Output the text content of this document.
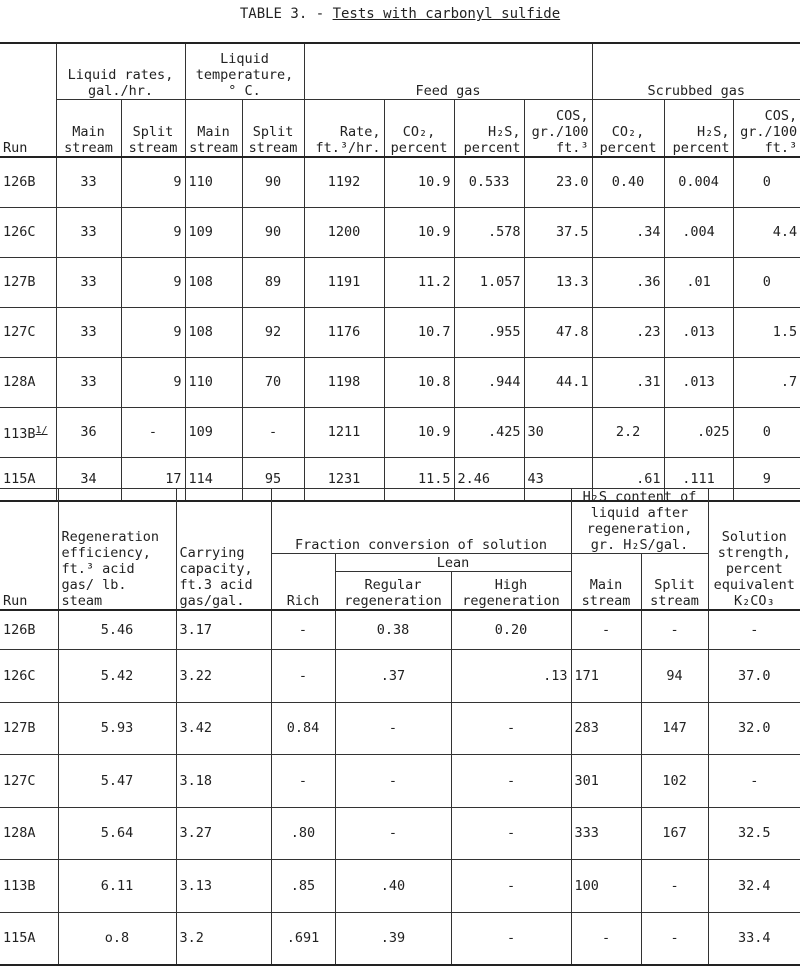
TABLE 3. - Tests with carbonyl sulfide
Run	Liquid rates, gal./hr.		Liquid temperature, ° C.		Feed gas				Scrubbed gas		
	Main stream	Split stream	Main stream	Split stream	Rate, ft.³/hr.	CO₂, percent	H₂S, percent	COS, gr./100 ft.³	CO₂, percent	H₂S, percent	COS, gr./100 ft.³
126B	33	9	110	90	1192	10.9	0.533	23.0	0.40	0.004	0
126C	33	9	109	90	1200	10.9	.578	37.5	.34	.004	4.4
127B	33	9	108	89	1191	11.2	1.057	13.3	.36	.01	0
127C	33	9	108	92	1176	10.7	.955	47.8	.23	.013	1.5
128A	33	9	110	70	1198	10.8	.944	44.1	.31	.013	.7
$113B^{1/}$	36	-	109	-	1211	10.9	.425	30	2.2	.025	0
115A	34	17	114	95	1231	11.5	2.46	43	.61	.111	9
Run	Regeneration efficiency, ft.³ acid gas/ lb. steam	Carrying capacity, ft.3 acid gas/gal.	Fraction conversion of solution			H₂S content of liquid after regeneration, gr. H₂S/gal.		Solution strength, percent equivalent K₂CO₃
			Rich	Lean		Main stream	Split stream	
				Regular regeneration	High regeneration			
126B	5.46	3.17	-	0.38	0.20	-	-	-
126C	5.42	3.22	-	.37	.13	171	94	37.0
127B	5.93	3.42	0.84	-	-	283	147	32.0
127C	5.47	3.18	-	-	-	301	102	-
128A	5.64	3.27	.80	-	-	333	167	32.5
113B	6.11	3.13	.85	.40	-	100	-	32.4
115A	o.8	3.2	.691	.39	-	-	-	33.4
